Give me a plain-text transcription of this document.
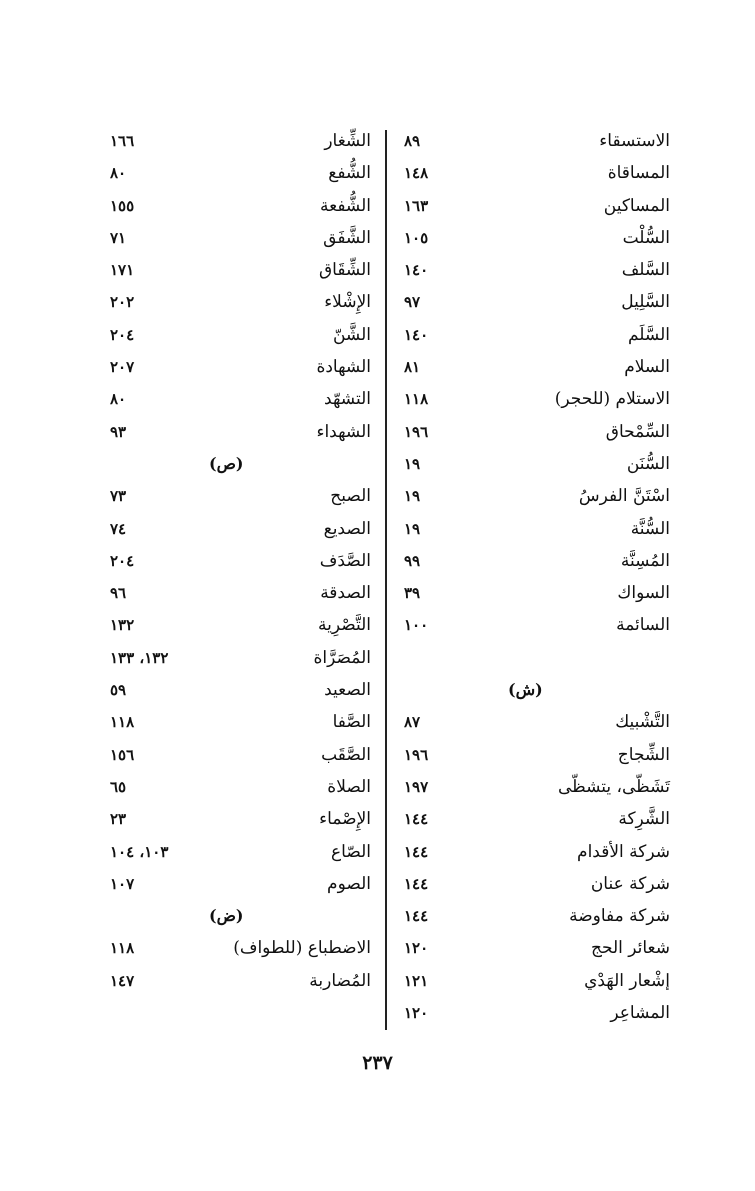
الاستسقاء
٨٩
المساقاة
١٤٨
المساكين
١٦٣
السُّلْت
١٠٥
السَّلف
١٤٠
السَّلِيل
٩٧
السَّلَم
١٤٠
السلام
٨١
الاستلام (للحجر)
١١٨
السِّمْحاق
١٩٦
السُّنَن
١٩
اسْتَنَّ الفرسُ
١٩
السُّنَّة
١٩
المُسِنَّة
٩٩
السواك
٣٩
السائمة
١٠٠
(ش)
التَّشْبيك
٨٧
الشِّجاج
١٩٦
تَشَظّى، يتشظّى
١٩٧
الشَّرِكة
١٤٤
شركة الأقدام
١٤٤
شركة عنان
١٤٤
شركة مفاوضة
١٤٤
شعائر الحج
١٢٠
إشْعار الهَدْي
١٢١
المشاعِر
١٢٠
الشِّغار
١٦٦
الشُّفع
٨٠
الشُّفعة
١٥٥
الشَّفَق
٧١
الشِّقَاق
١٧١
الإِشْلاء
٢٠٢
الشَّنّ
٢٠٤
الشهادة
٢٠٧
التشهّد
٨٠
الشهداء
٩٣
(ص)
الصبح
٧٣
الصديع
٧٤
الصَّدَف
٢٠٤
الصدقة
٩٦
التَّصْرِية
١٣٢
المُصَرَّاة
١٣٢، ١٣٣
الصعيد
٥٩
الصَّفا
١١٨
الصَّقَب
١٥٦
الصلاة
٦٥
الإِصْماء
٢٣
الصّاع
١٠٣، ١٠٤
الصوم
١٠٧
(ض)
الاضطباع (للطواف)
١١٨
المُضاربة
١٤٧
٢٣٧
